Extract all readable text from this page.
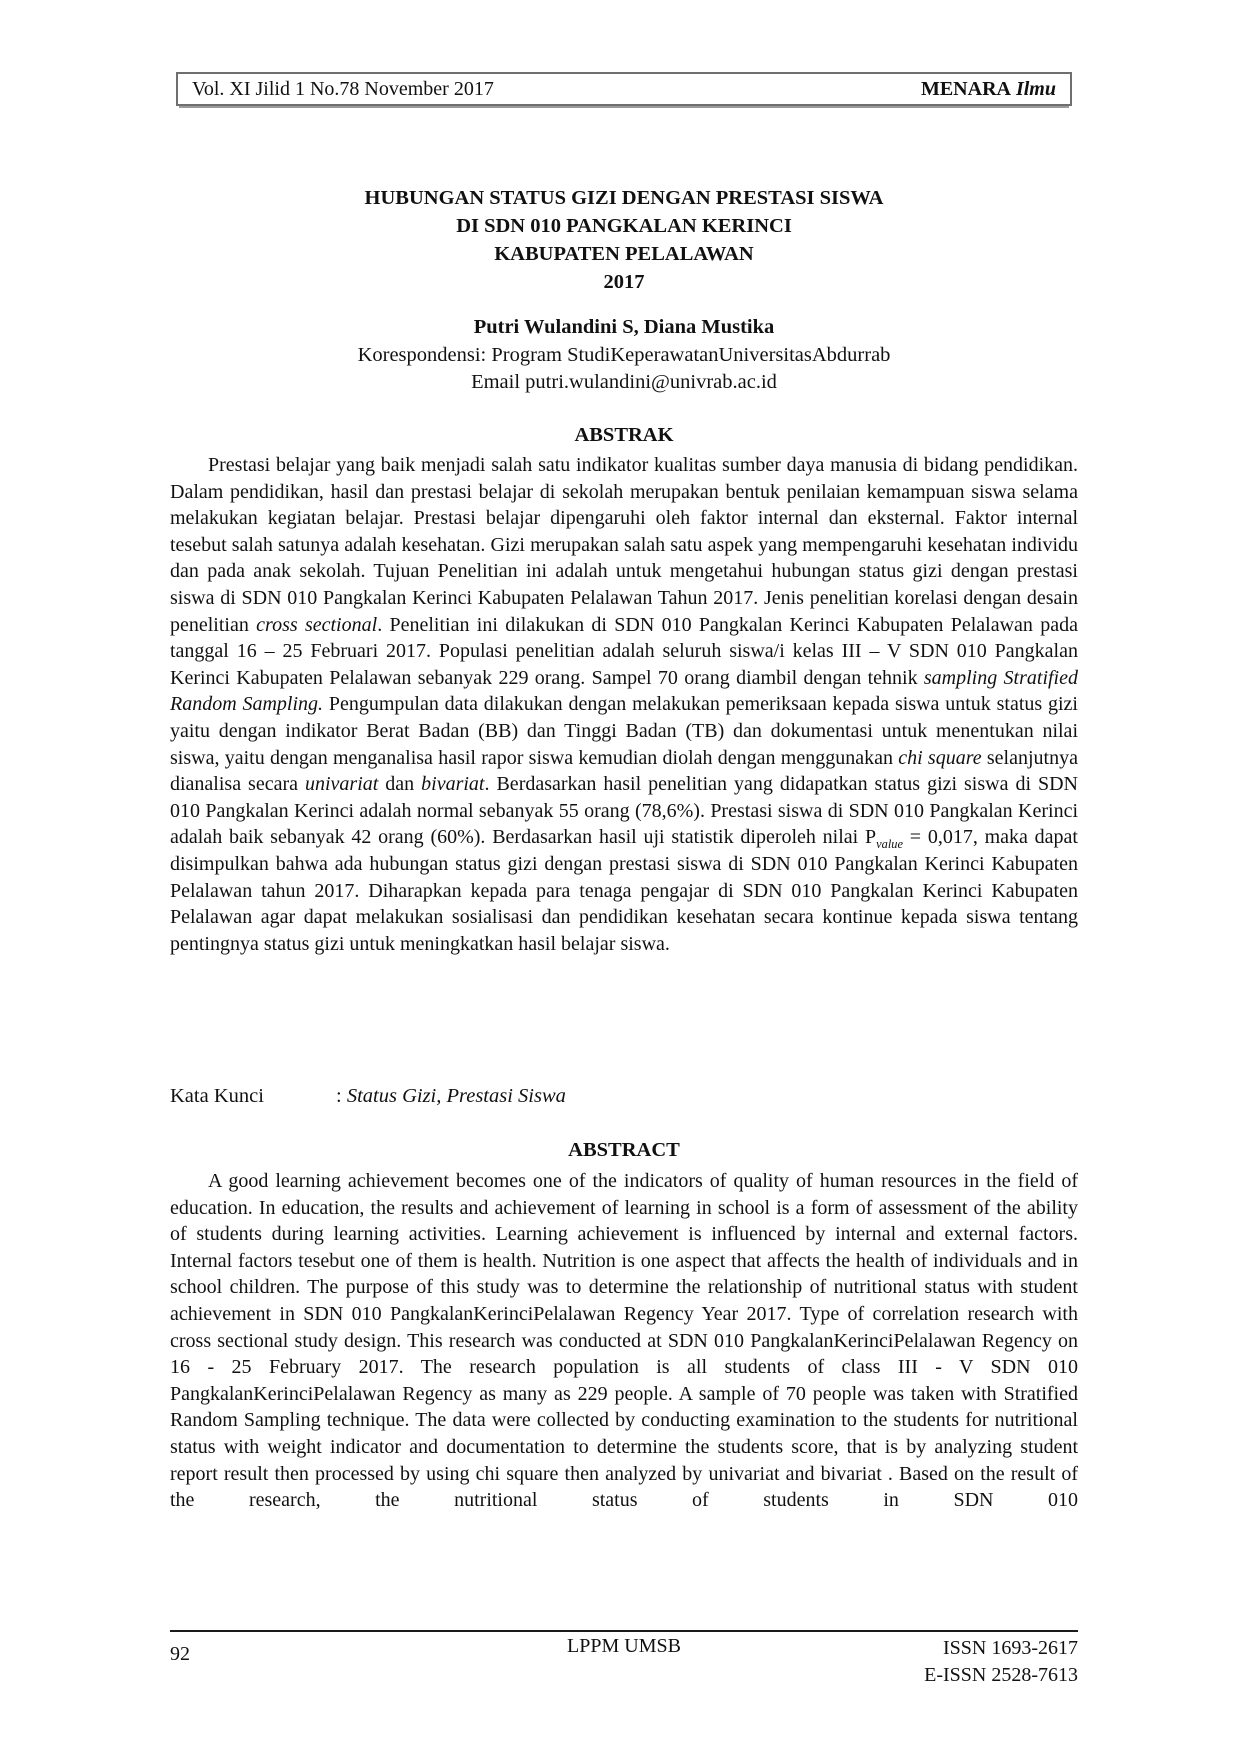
Vol. XI Jilid 1 No.78 November 2017	MENARA Ilmu
HUBUNGAN STATUS GIZI DENGAN PRESTASI SISWA
DI SDN 010 PANGKALAN KERINCI
KABUPATEN PELALAWAN
2017
Putri Wulandini S, Diana Mustika
Korespondensi: Program StudiKeperawatanUniversitasAbdurrab
Email putri.wulandini@univrab.ac.id
ABSTRAK

Prestasi belajar yang baik menjadi salah satu indikator kualitas sumber daya manusia di bidang pendidikan. Dalam pendidikan, hasil dan prestasi belajar di sekolah merupakan bentuk penilaian kemampuan siswa selama melakukan kegiatan belajar. Prestasi belajar dipengaruhi oleh faktor internal dan eksternal. Faktor internal tesebut salah satunya adalah kesehatan. Gizi merupakan salah satu aspek yang mempengaruhi kesehatan individu dan pada anak sekolah. Tujuan Penelitian ini adalah untuk mengetahui hubungan status gizi dengan prestasi siswa di SDN 010 Pangkalan Kerinci Kabupaten Pelalawan Tahun 2017. Jenis penelitian korelasi dengan desain penelitian cross sectional. Penelitian ini dilakukan di SDN 010 Pangkalan Kerinci Kabupaten Pelalawan pada tanggal 16 – 25 Februari 2017. Populasi penelitian adalah seluruh siswa/i kelas III – V SDN 010 Pangkalan Kerinci Kabupaten Pelalawan sebanyak 229 orang. Sampel 70 orang diambil dengan tehnik sampling Stratified Random Sampling. Pengumpulan data dilakukan dengan melakukan pemeriksaan kepada siswa untuk status gizi yaitu dengan indikator Berat Badan (BB) dan Tinggi Badan (TB) dan dokumentasi untuk menentukan nilai siswa, yaitu dengan menganalisa hasil rapor siswa kemudian diolah dengan menggunakan chi square selanjutnya dianalisa secara univariat dan bivariat. Berdasarkan hasil penelitian yang didapatkan status gizi siswa di SDN 010 Pangkalan Kerinci adalah normal sebanyak 55 orang (78,6%). Prestasi siswa di SDN 010 Pangkalan Kerinci adalah baik sebanyak 42 orang (60%). Berdasarkan hasil uji statistik diperoleh nilai $P_{value} = 0,017$, maka dapat disimpulkan bahwa ada hubungan status gizi dengan prestasi siswa di SDN 010 Pangkalan Kerinci Kabupaten Pelalawan tahun 2017. Diharapkan kepada para tenaga pengajar di SDN 010 Pangkalan Kerinci Kabupaten Pelalawan agar dapat melakukan sosialisasi dan pendidikan kesehatan secara kontinue kepada siswa tentang pentingnya status gizi untuk meningkatkan hasil belajar siswa.

Kata Kunci	: Status Gizi, Prestasi Siswa
ABSTRACT

A good learning achievement becomes one of the indicators of quality of human resources in the field of education. In education, the results and achievement of learning in school is a form of assessment of the ability of students during learning activities. Learning achievement is influenced by internal and external factors. Internal factors tesebut one of them is health. Nutrition is one aspect that affects the health of individuals and in school children. The purpose of this study was to determine the relationship of nutritional status with student achievement in SDN 010 PangkalanKerinciPelalawan Regency Year 2017. Type of correlation research with cross sectional study design. This research was conducted at SDN 010 PangkalanKerinciPelalawan Regency on 16 - 25 February 2017. The research population is all students of class III - V SDN 010 PangkalanKerinciPelalawan Regency as many as 229 people. A sample of 70 people was taken with Stratified Random Sampling technique. The data were collected by conducting examination to the students for nutritional status with weight indicator and documentation to determine the students score, that is by analyzing student report result then processed by using chi square then analyzed by univariat and bivariat . Based on the result of the research, the nutritional status of students in SDN 010

92	LPPM UMSB	ISSN 1693-2617
E-ISSN 2528-7613
